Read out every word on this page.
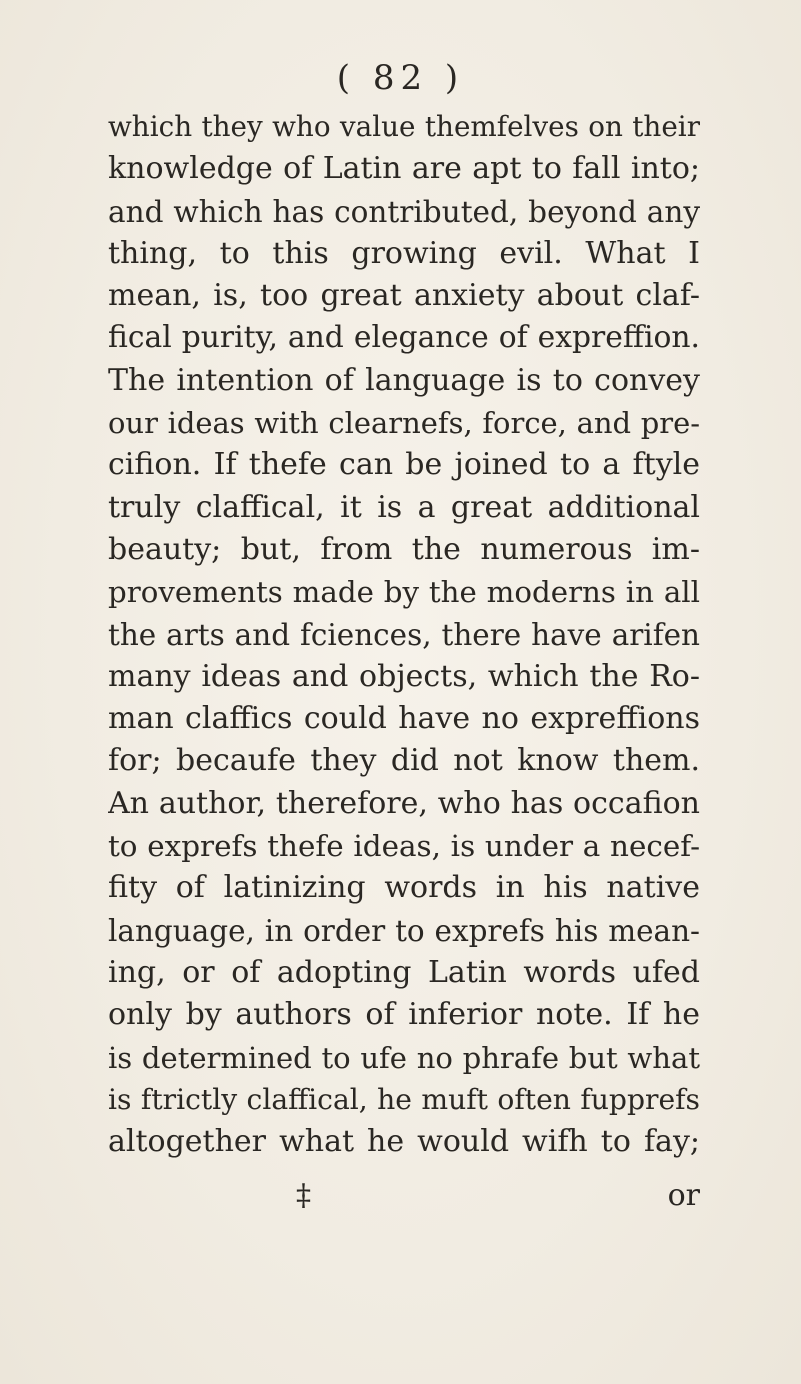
( 82 )
which they who value themfelves on their
knowledge of Latin are apt to fall into;
and which has contributed, beyond any
thing, to this growing evil. What I
mean, is, too great anxiety about claf-
fical purity, and elegance of expreffion.
The intention of language is to convey
our ideas with clearnefs, force, and pre-
cifion. If thefe can be joined to a ftyle
truly claffical, it is a great additional
beauty; but, from the numerous im-
provements made by the moderns in all
the arts and fciences, there have arifen
many ideas and objects, which the Ro-
man claffics could have no expreffions
for; becaufe they did not know them.
An author, therefore, who has occafion
to exprefs thefe ideas, is under a necef-
fity of latinizing words in his native
language, in order to exprefs his mean-
ing, or of adopting Latin words ufed
only by authors of inferior note. If he
is determined to ufe no phrafe but what
is ftrictly claffical, he muft often fupprefs
altogether what he would wifh to fay;
‡	or
